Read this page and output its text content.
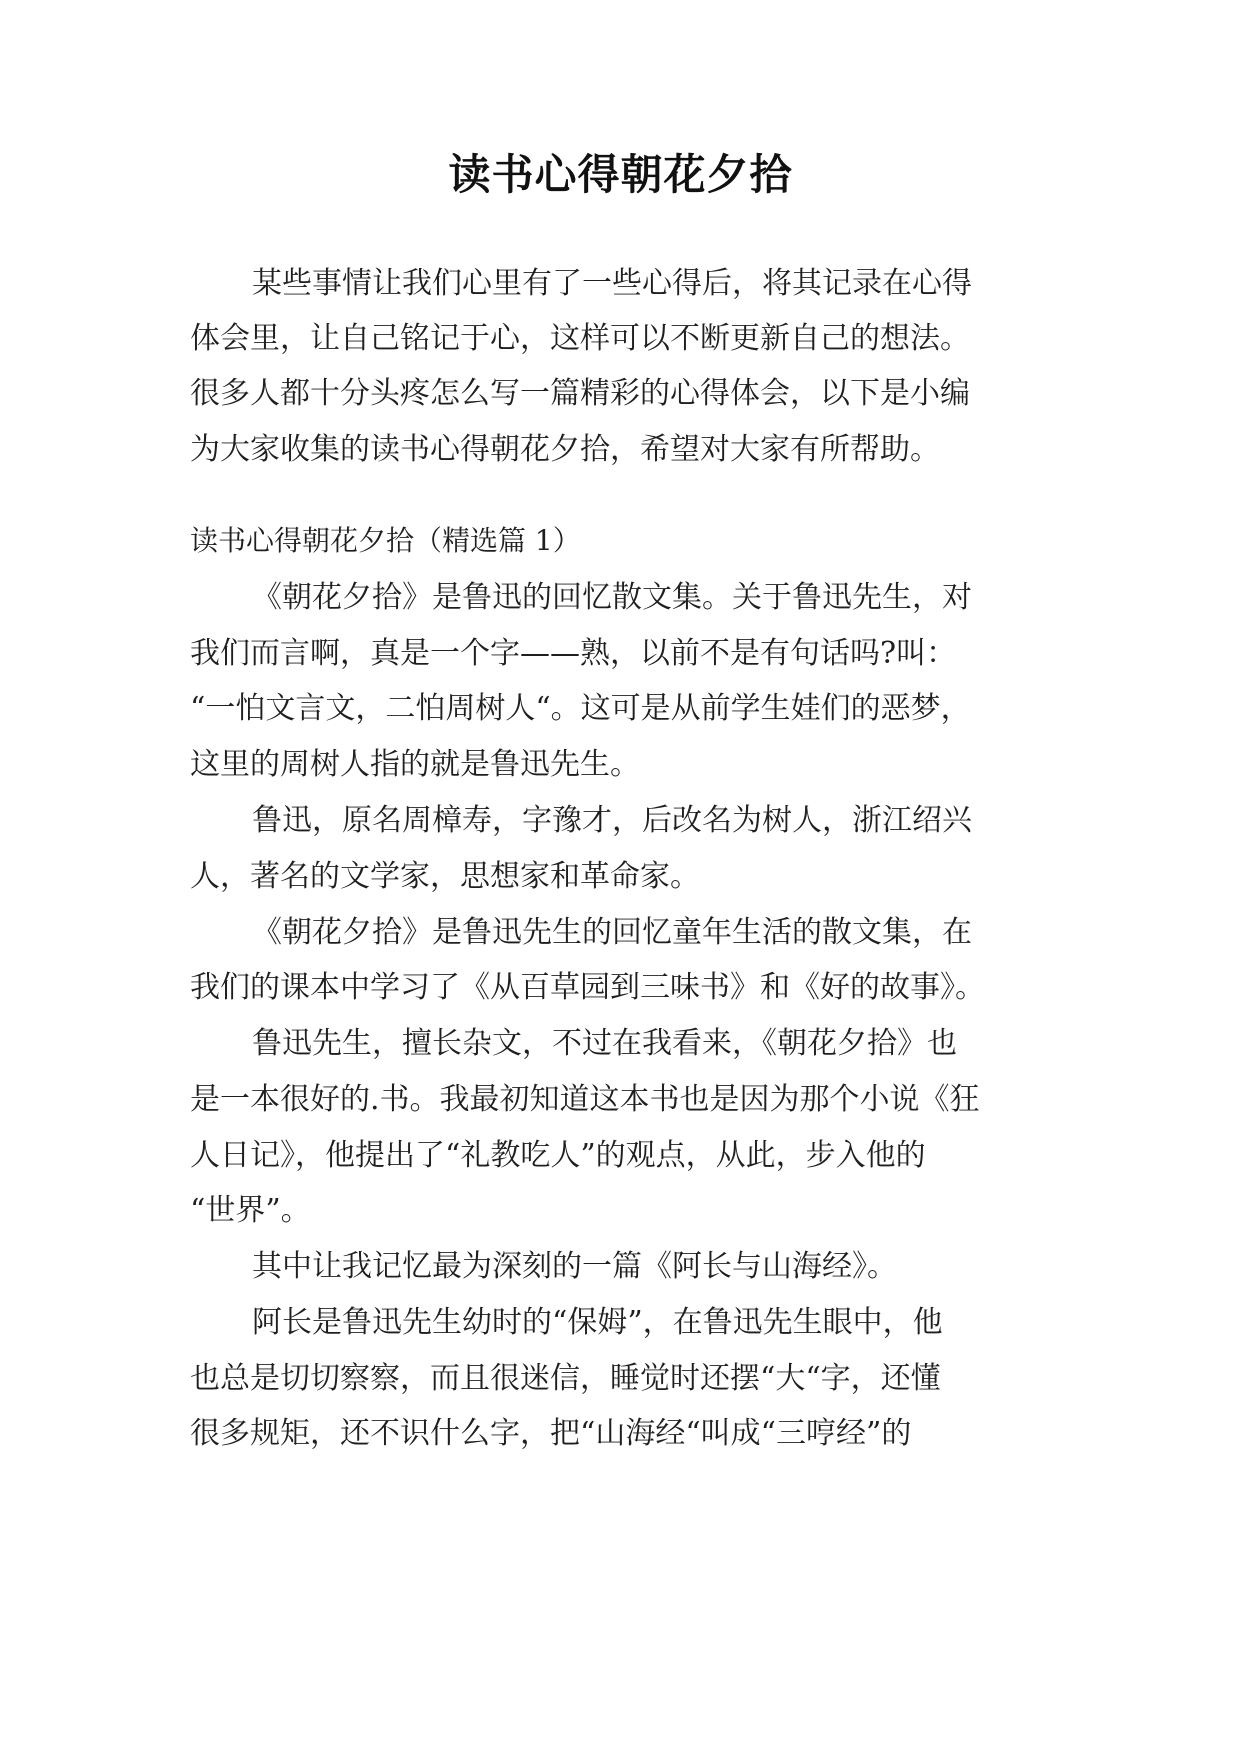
读书心得朝花夕拾
某些事情让我们心里有了一些心得后，将其记录在心得
体会里，让自己铭记于心，这样可以不断更新自己的想法。
很多人都十分头疼怎么写一篇精彩的心得体会，以下是小编
为大家收集的读书心得朝花夕拾，希望对大家有所帮助。
读书心得朝花夕拾（精选篇 1）
《朝花夕拾》是鲁迅的回忆散文集。关于鲁迅先生，对
我们而言啊，真是一个字——熟，以前不是有句话吗?叫：
“一怕文言文，二怕周树人“。这可是从前学生娃们的恶梦，
这里的周树人指的就是鲁迅先生。
鲁迅，原名周樟寿，字豫才，后改名为树人，浙江绍兴
人，著名的文学家，思想家和革命家。
《朝花夕拾》是鲁迅先生的回忆童年生活的散文集，在
我们的课本中学习了《从百草园到三味书》和《好的故事》。
鲁迅先生，擅长杂文，不过在我看来，《朝花夕拾》也
是一本很好的.书。我最初知道这本书也是因为那个小说《狂
人日记》，他提出了“礼教吃人”的观点，从此，步入他的
“世界”。
其中让我记忆最为深刻的一篇《阿长与山海经》。
阿长是鲁迅先生幼时的“保姆”，在鲁迅先生眼中，他
也总是切切察察，而且很迷信，睡觉时还摆“大“字，还懂
很多规矩，还不识什么字，把“山海经“叫成“三哼经”的
